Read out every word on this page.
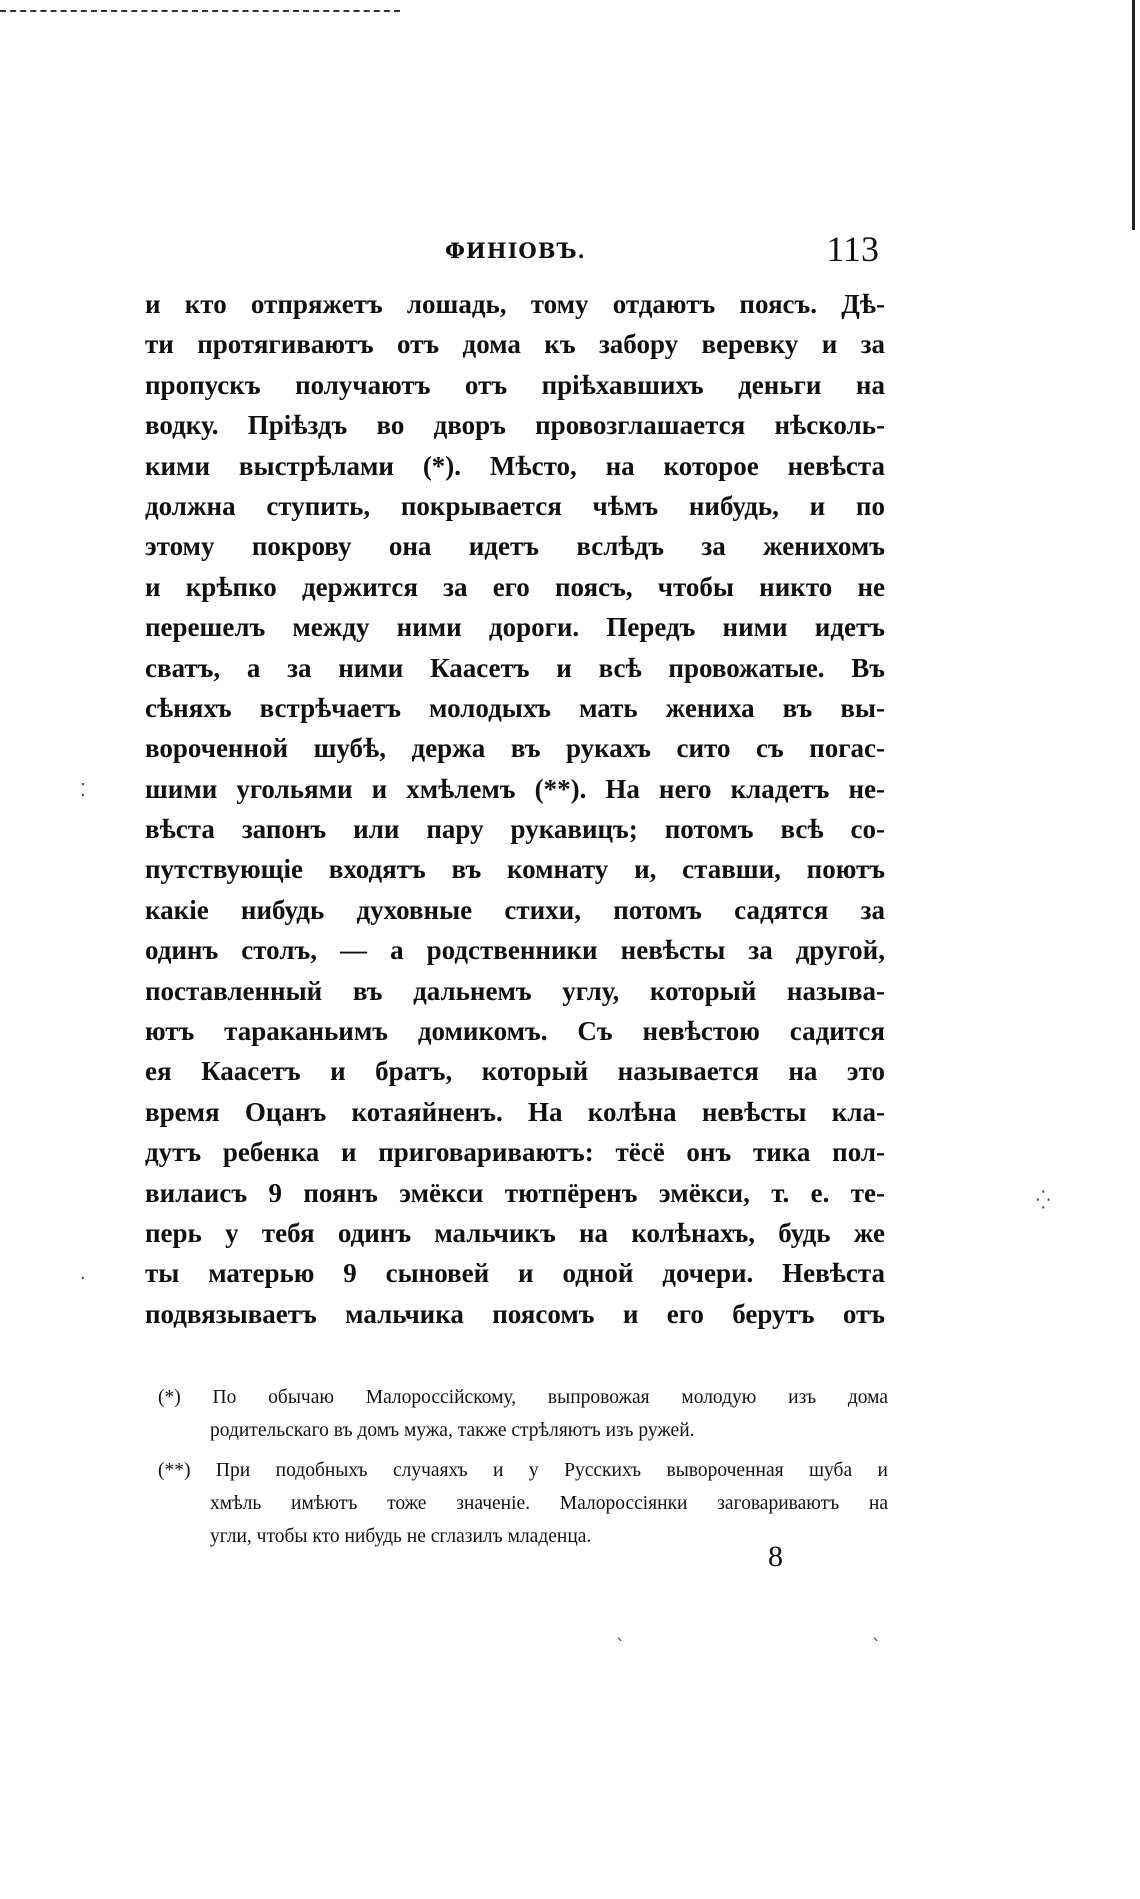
ФИНІОВЪ.	113
и кто отпряжетъ лошадь, тому отдаютъ поясъ. Дѣ-
ти протягиваютъ отъ дома къ забору веревку и за
пропускъ получаютъ отъ пріѣхавшихъ деньги на
водку. Пріѣздъ во дворъ провозглашается нѣсколь-
кими выстрѣлами (*). Мѣсто, на которое невѣста
должна ступить, покрывается чѣмъ нибудь, и по
этому покрову она идетъ вслѣдъ за женихомъ
и крѣпко держится за его поясъ, чтобы никто не
перешелъ между ними дороги. Передъ ними идетъ
сватъ, а за ними Каасетъ и всѣ провожатые. Въ
сѣняхъ встрѣчаетъ молодыхъ мать жениха въ вы-
вороченной шубѣ, держа въ рукахъ сито съ погас-
шими угольями и хмѣлемъ (**). На него кладетъ не-
вѣста запонъ или пару рукавицъ; потомъ всѣ со-
путствующіе входятъ въ комнату и, ставши, поютъ
какіе нибудь духовные стихи, потомъ садятся за
одинъ столъ, — а родственники невѣсты за другой,
поставленный въ дальнемъ углу, который называ-
ютъ тараканьимъ домикомъ. Съ невѣстою садится
ея Каасетъ и братъ, который называется на это
время Оцанъ котаяйненъ. На колѣна невѣсты кла-
дутъ ребенка и приговариваютъ: тёсё онъ тика пол-
вилаисъ 9 поянъ эмёкси тютпёренъ эмёкси, т. е. те-
перь у тебя одинъ мальчикъ на колѣнахъ, будь же
ты матерью 9 сыновей и одной дочери. Невѣста
подвязываетъ мальчика поясомъ и его берутъ отъ
(*) По обычаю Малороссійскому, выпровожая молодую изъ дома
родительскаго въ домъ мужа, также стрѣляютъ изъ ружей.
(**) При подобныхъ случаяхъ и у Русскихъ вывороченная шуба и
хмѣль имѣютъ тоже значеніе. Малороссіянки заговариваютъ на
угли, чтобы кто нибудь не сглазилъ младенца.
8
⁚
⁛
·
ˋ	ˋ
